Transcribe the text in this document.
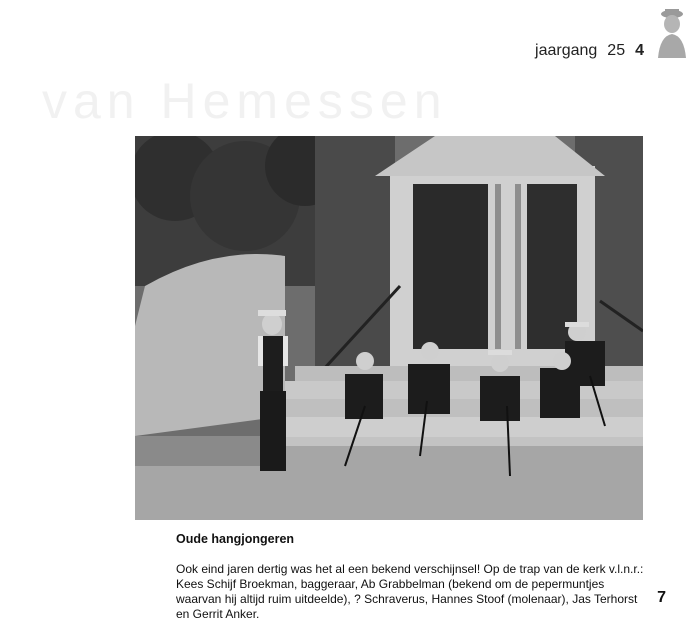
jaargang 25 4
van Hemessen
Oude hangjongeren
Ook eind jaren dertig was het al een bekend verschijnsel! Op de trap van de kerk v.l.n.r.: Kees Schijf Broekman, baggeraar, Ab Grabbelman (bekend om de pepermuntjes waarvan hij altijd ruim uitdeelde), ? Schraverus, Hannes Stoof (molenaar), Jas Terhorst en Gerrit Anker.
7
